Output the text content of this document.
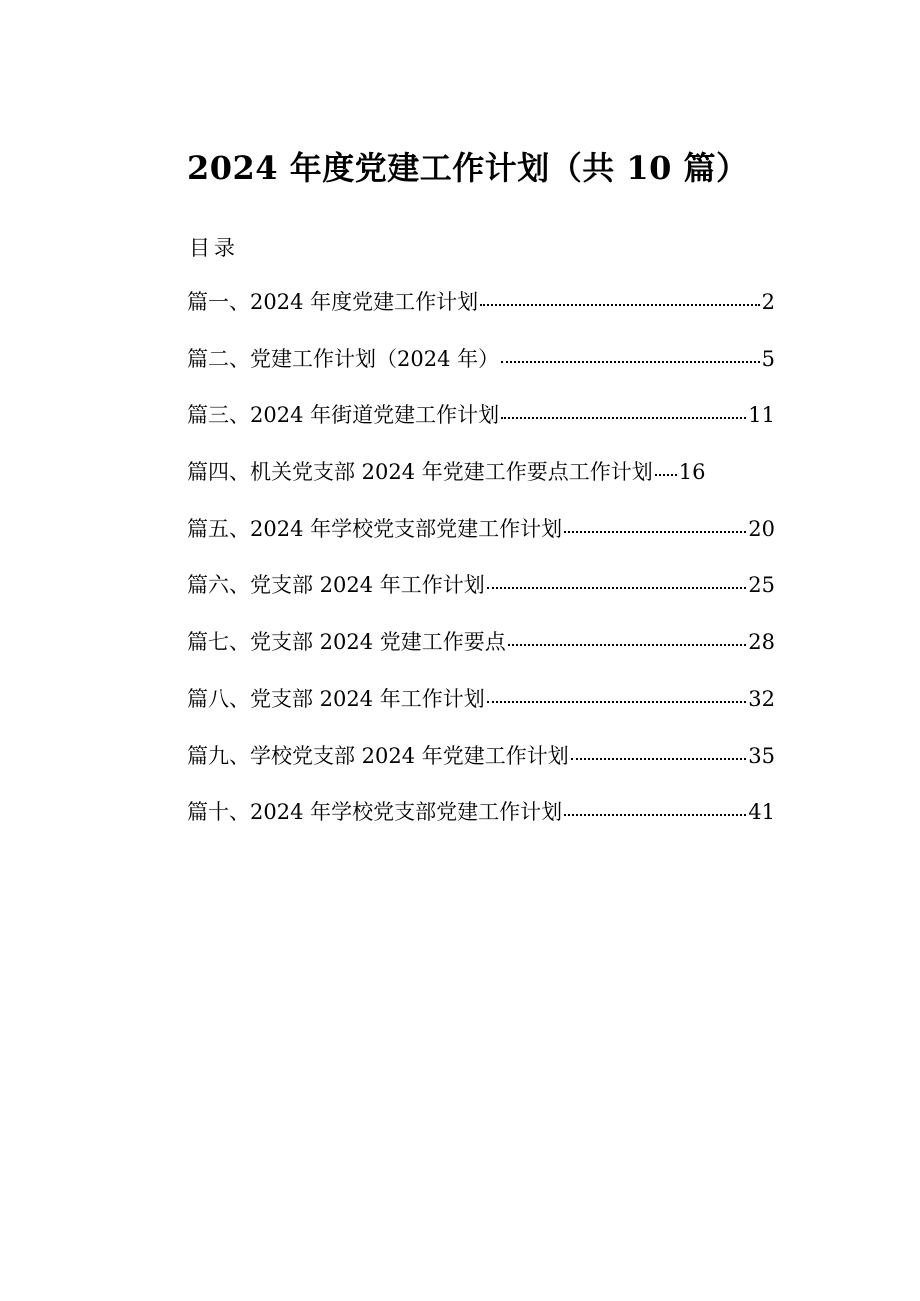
2024 年度党建工作计划（共 10 篇）
目录
篇一、2024 年度党建工作计划	2
篇二、党建工作计划（2024 年）	5
篇三、2024 年街道党建工作计划	11
篇四、机关党支部 2024 年党建工作要点工作计划 16
篇五、2024 年学校党支部党建工作计划	20
篇六、党支部 2024 年工作计划	25
篇七、党支部 2024 党建工作要点	28
篇八、党支部 2024 年工作计划	32
篇九、学校党支部 2024 年党建工作计划	35
篇十、2024 年学校党支部党建工作计划	41
